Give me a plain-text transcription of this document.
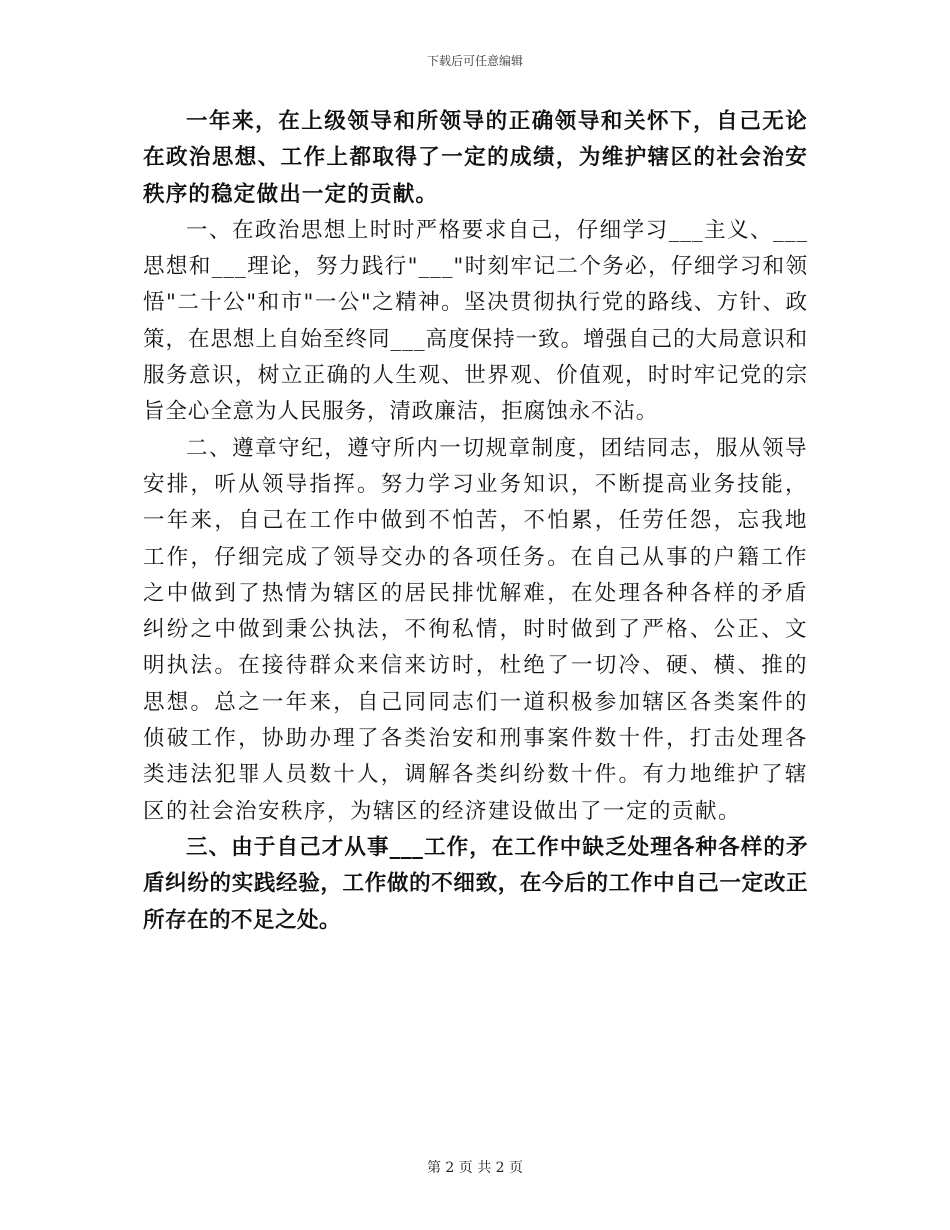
下载后可任意编辑

一年来，在上级领导和所领导的正确领导和关怀下，自己无论在政治思想、工作上都取得了一定的成绩，为维护辖区的社会治安秩序的稳定做出一定的贡献。

一、在政治思想上时时严格要求自己，仔细学习___主义、___思想和___理论，努力践行"___"时刻牢记二个务必，仔细学习和领悟"二十公"和市"一公"之精神。坚决贯彻执行党的路线、方针、政策，在思想上自始至终同___高度保持一致。增强自己的大局意识和服务意识，树立正确的人生观、世界观、价值观，时时牢记党的宗旨全心全意为人民服务，清政廉洁，拒腐蚀永不沾。

二、遵章守纪，遵守所内一切规章制度，团结同志，服从领导安排，听从领导指挥。努力学习业务知识，不断提高业务技能，一年来，自己在工作中做到不怕苦，不怕累，任劳任怨，忘我地工作，仔细完成了领导交办的各项任务。在自己从事的户籍工作之中做到了热情为辖区的居民排忧解难，在处理各种各样的矛盾纠纷之中做到秉公执法，不徇私情，时时做到了严格、公正、文明执法。在接待群众来信来访时，杜绝了一切冷、硬、横、推的思想。总之一年来，自己同同志们一道积极参加辖区各类案件的侦破工作，协助办理了各类治安和刑事案件数十件，打击处理各类违法犯罪人员数十人，调解各类纠纷数十件。有力地维护了辖区的社会治安秩序，为辖区的经济建设做出了一定的贡献。

三、由于自己才从事___工作，在工作中缺乏处理各种各样的矛盾纠纷的实践经验，工作做的不细致，在今后的工作中自己一定改正所存在的不足之处。

第 2 页 共 2 页
